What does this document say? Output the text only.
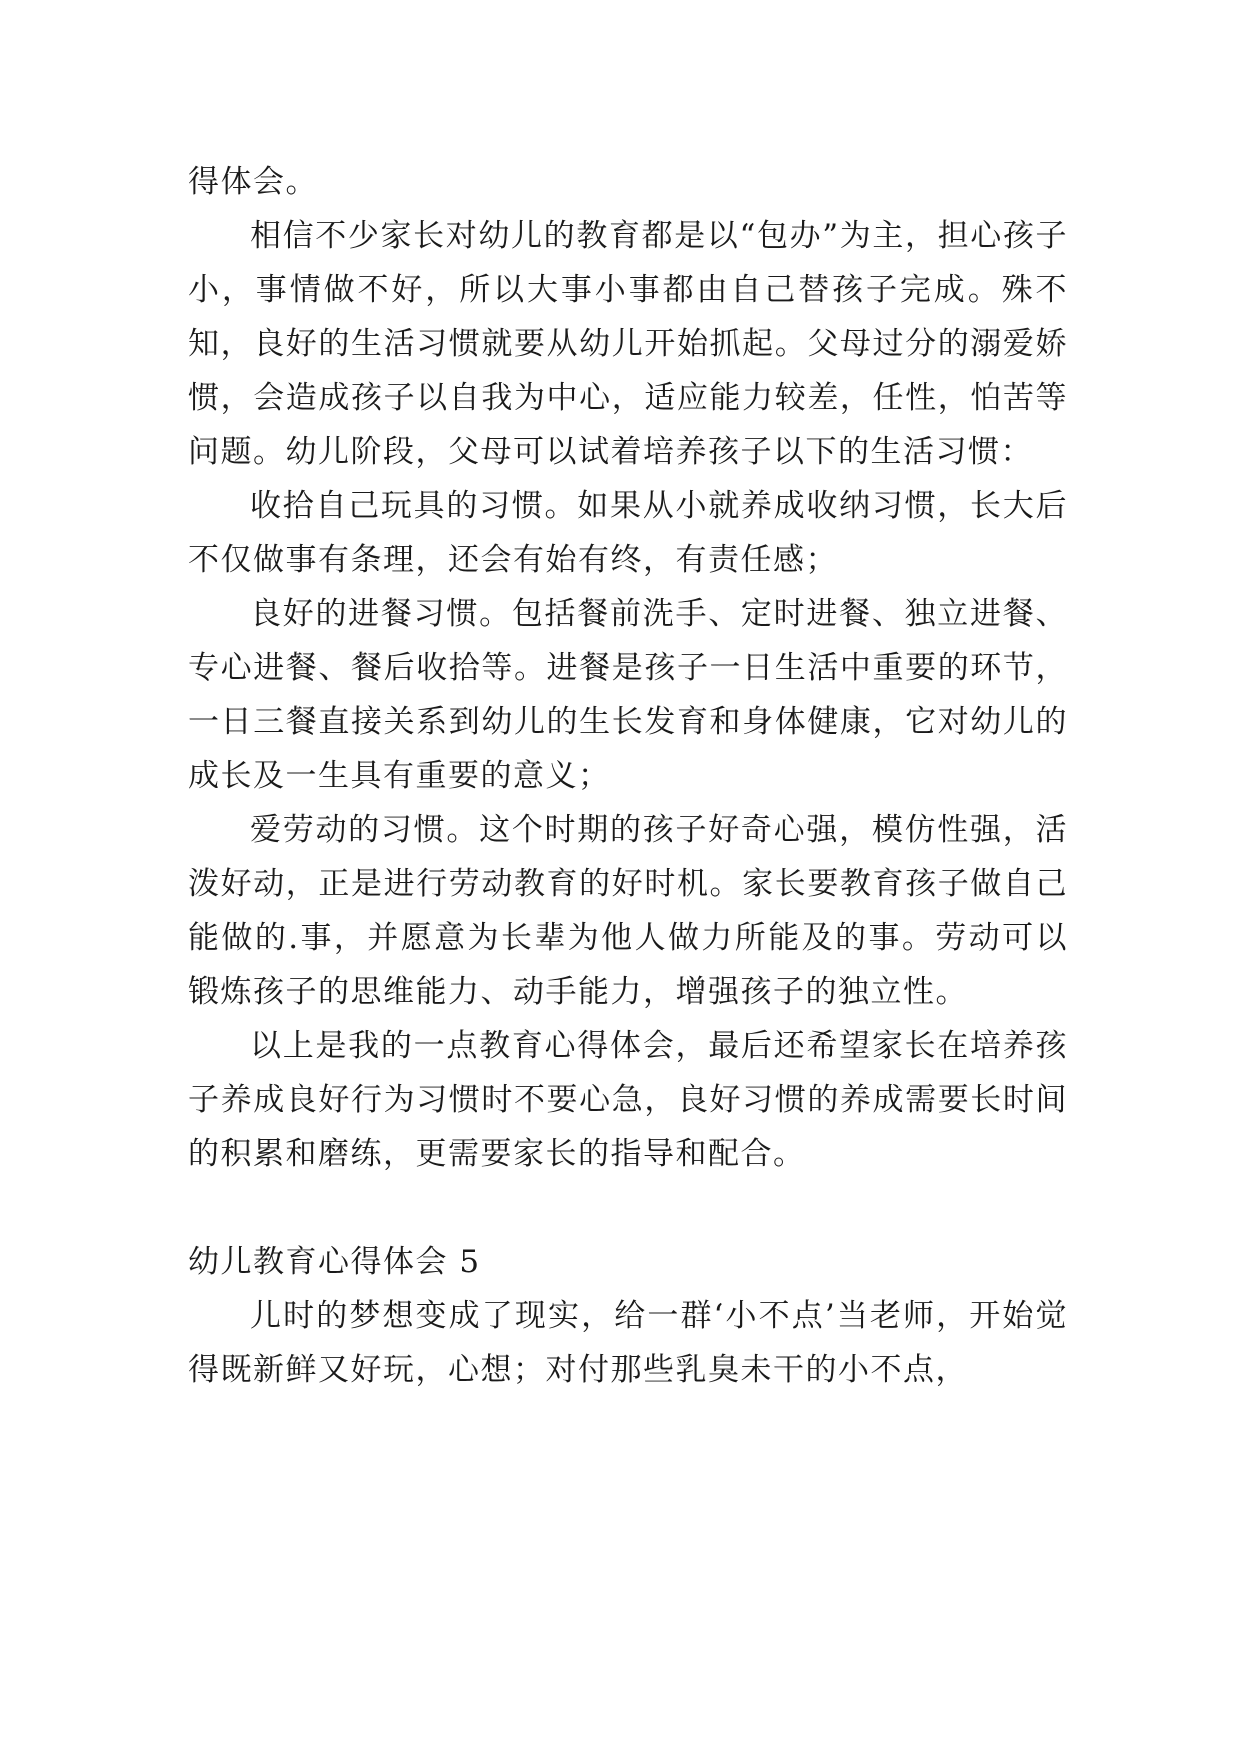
得体会。

相信不少家长对幼儿的教育都是以“包办”为主，担心孩子小，事情做不好，所以大事小事都由自己替孩子完成。殊不知，良好的生活习惯就要从幼儿开始抓起。父母过分的溺爱娇惯，会造成孩子以自我为中心，适应能力较差，任性，怕苦等问题。幼儿阶段，父母可以试着培养孩子以下的生活习惯：

收拾自己玩具的习惯。如果从小就养成收纳习惯，长大后不仅做事有条理，还会有始有终，有责任感；

良好的进餐习惯。包括餐前洗手、定时进餐、独立进餐、专心进餐、餐后收拾等。进餐是孩子一日生活中重要的环节，一日三餐直接关系到幼儿的生长发育和身体健康，它对幼儿的成长及一生具有重要的意义；

爱劳动的习惯。这个时期的孩子好奇心强，模仿性强，活泼好动，正是进行劳动教育的好时机。家长要教育孩子做自己能做的.事，并愿意为长辈为他人做力所能及的事。劳动可以锻炼孩子的思维能力、动手能力，增强孩子的独立性。

以上是我的一点教育心得体会，最后还希望家长在培养孩子养成良好行为习惯时不要心急，良好习惯的养成需要长时间的积累和磨练，更需要家长的指导和配合。

幼儿教育心得体会 5

儿时的梦想变成了现实，给一群‘小不点’当老师，开始觉得既新鲜又好玩，心想；对付那些乳臭未干的小不点，
